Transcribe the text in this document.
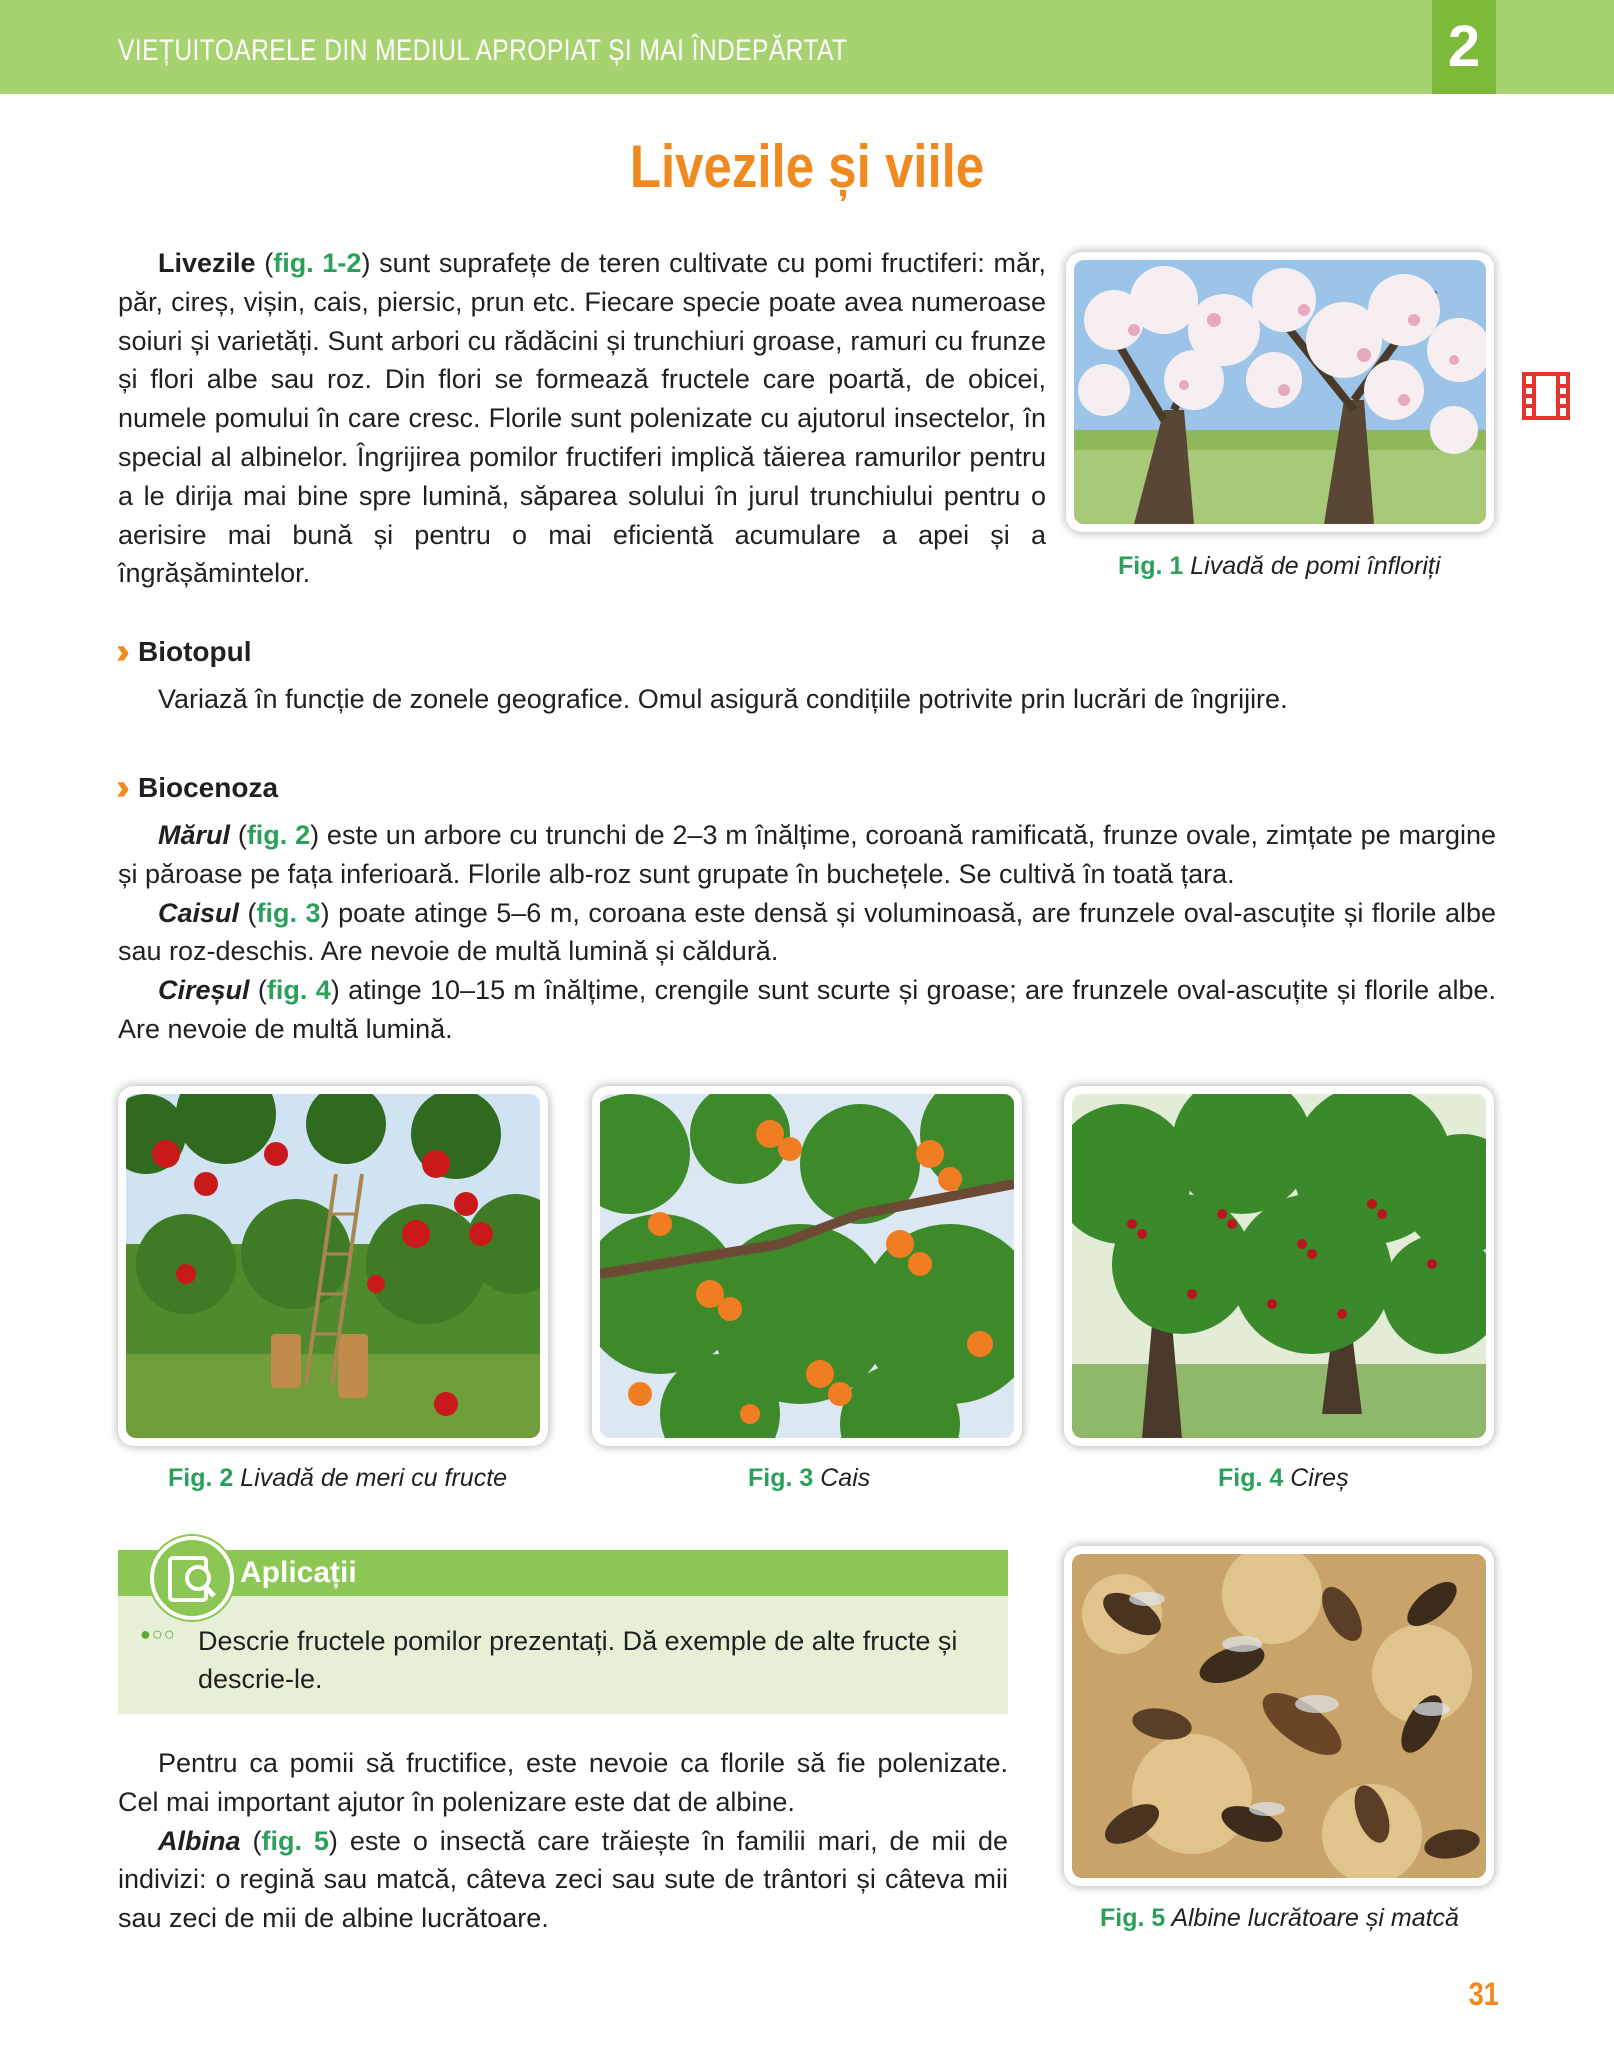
VIEȚUITOARELE DIN MEDIUL APROPIAT ȘI MAI ÎNDEPĂRTAT	2
Livezile și viile
Livezile (fig. 1-2) sunt suprafețe de teren cultivate cu pomi fructiferi: măr, păr, cireș, vișin, cais, piersic, prun etc. Fiecare specie poate avea numeroase soiuri și varietăți. Sunt arbori cu rădăcini și trunchiuri groase, ramuri cu frunze și flori albe sau roz. Din flori se formează fructele care poartă, de obicei, numele pomului în care cresc. Florile sunt polenizate cu ajutorul insectelor, în special al albinelor. Îngrijirea pomilor fructiferi implică tăierea ramurilor pentru a le dirija mai bine spre lumină, săparea solului în jurul trunchiului pentru o aerisire mai bună și pentru o mai eficientă acumulare a apei și a îngrășămintelor.	Fig. 1 Livadă de pomi înfloriți
›› Biotopul
Variază în funcție de zonele geografice. Omul asigură condițiile potrivite prin lucrări de îngrijire.
›› Biocenoza
Mărul (fig. 2) este un arbore cu trunchi de 2–3 m înălțime, coroană ramificată, frunze ovale, zimțate pe margine și păroase pe fața inferioară. Florile alb-roz sunt grupate în buchețele. Se cultivă în toată țara.
Caisul (fig. 3) poate atinge 5–6 m, coroana este densă și voluminoasă, are frunzele oval-ascuțite și florile albe sau roz-deschis. Are nevoie de multă lumină și căldură.
Cireșul (fig. 4) atinge 10–15 m înălțime, crengile sunt scurte și groase; are frunzele oval-ascuțite și florile albe. Are nevoie de multă lumină.
Fig. 2 Livadă de meri cu fructe	Fig. 3 Cais	Fig. 4 Cireș
Aplicații
●○○ Descrie fructele pomilor prezentați. Dă exemple de alte fructe și descrie-le.
Pentru ca pomii să fructifice, este nevoie ca florile să fie polenizate. Cel mai important ajutor în polenizare este dat de albine.
Albina (fig. 5) este o insectă care trăiește în familii mari, de mii de indivizi: o regină sau matcă, câteva zeci sau sute de trântori și câteva mii sau zeci de mii de albine lucrătoare.	Fig. 5 Albine lucrătoare și matcă
31
